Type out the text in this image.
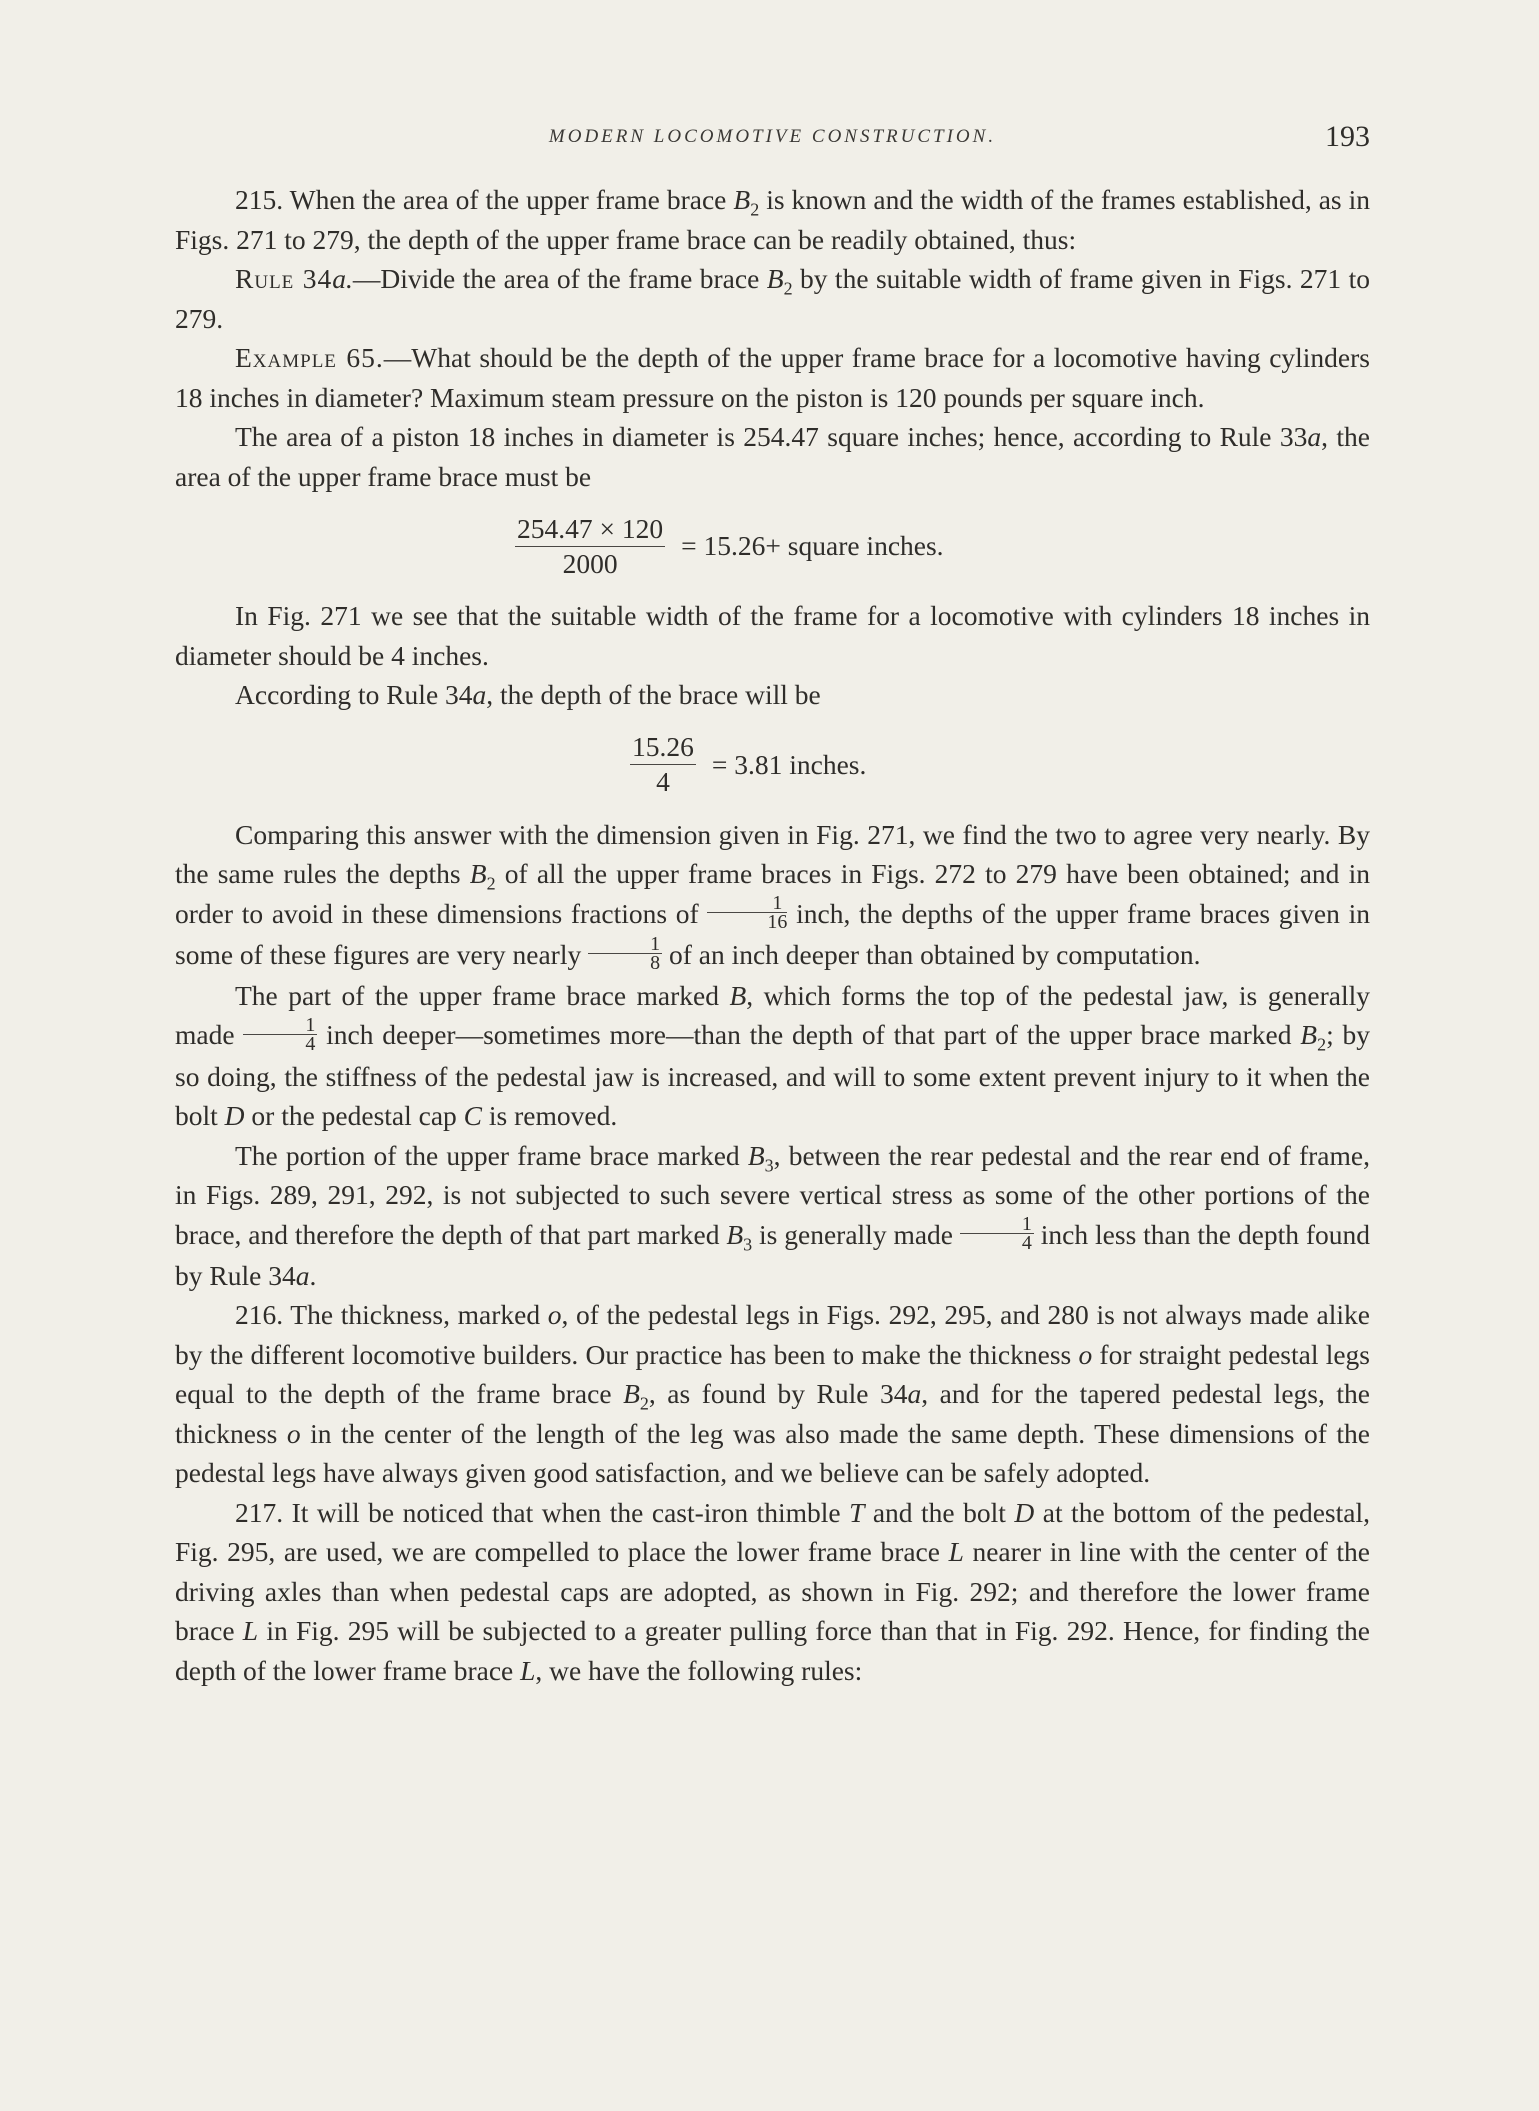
MODERN LOCOMOTIVE CONSTRUCTION.	193

215. When the area of the upper frame brace $B_2$ is known and the width of the frames established, as in Figs. 271 to 279, the depth of the upper frame brace can be readily obtained, thus:

Rule 34a.—Divide the area of the frame brace $B_2$ by the suitable width of frame given in Figs. 271 to 279.

Example 65.—What should be the depth of the upper frame brace for a locomotive having cylinders 18 inches in diameter? Maximum steam pressure on the piston is 120 pounds per square inch.

The area of a piston 18 inches in diameter is 254.47 square inches; hence, according to Rule 33a, the area of the upper frame brace must be

$\frac{254.47 \times 120}{2000} = 15.26+$ square inches.

In Fig. 271 we see that the suitable width of the frame for a locomotive with cylinders 18 inches in diameter should be 4 inches.

According to Rule 34a, the depth of the brace will be

$\frac{15.26}{4} = 3.81$ inches.

Comparing this answer with the dimension given in Fig. 271, we find the two to agree very nearly. By the same rules the depths $B_2$ of all the upper frame braces in Figs. 272 to 279 have been obtained; and in order to avoid in these dimensions fractions of $\frac{1}{16}$ inch, the depths of the upper frame braces given in some of these figures are very nearly $\frac{1}{8}$ of an inch deeper than obtained by computation.

The part of the upper frame brace marked B, which forms the top of the pedestal jaw, is generally made $\frac{1}{4}$ inch deeper—sometimes more—than the depth of that part of the upper brace marked $B_2$; by so doing, the stiffness of the pedestal jaw is increased, and will to some extent prevent injury to it when the bolt D or the pedestal cap C is removed.

The portion of the upper frame brace marked $B_3$, between the rear pedestal and the rear end of frame, in Figs. 289, 291, 292, is not subjected to such severe vertical stress as some of the other portions of the brace, and therefore the depth of that part marked $B_3$ is generally made $\frac{1}{4}$ inch less than the depth found by Rule 34a.

216. The thickness, marked o, of the pedestal legs in Figs. 292, 295, and 280 is not always made alike by the different locomotive builders. Our practice has been to make the thickness o for straight pedestal legs equal to the depth of the frame brace $B_2$, as found by Rule 34a, and for the tapered pedestal legs, the thickness o in the center of the length of the leg was also made the same depth. These dimensions of the pedestal legs have always given good satisfaction, and we believe can be safely adopted.

217. It will be noticed that when the cast-iron thimble T and the bolt D at the bottom of the pedestal, Fig. 295, are used, we are compelled to place the lower frame brace L nearer in line with the center of the driving axles than when pedestal caps are adopted, as shown in Fig. 292; and therefore the lower frame brace L in Fig. 295 will be subjected to a greater pulling force than that in Fig. 292. Hence, for finding the depth of the lower frame brace L, we have the following rules:
